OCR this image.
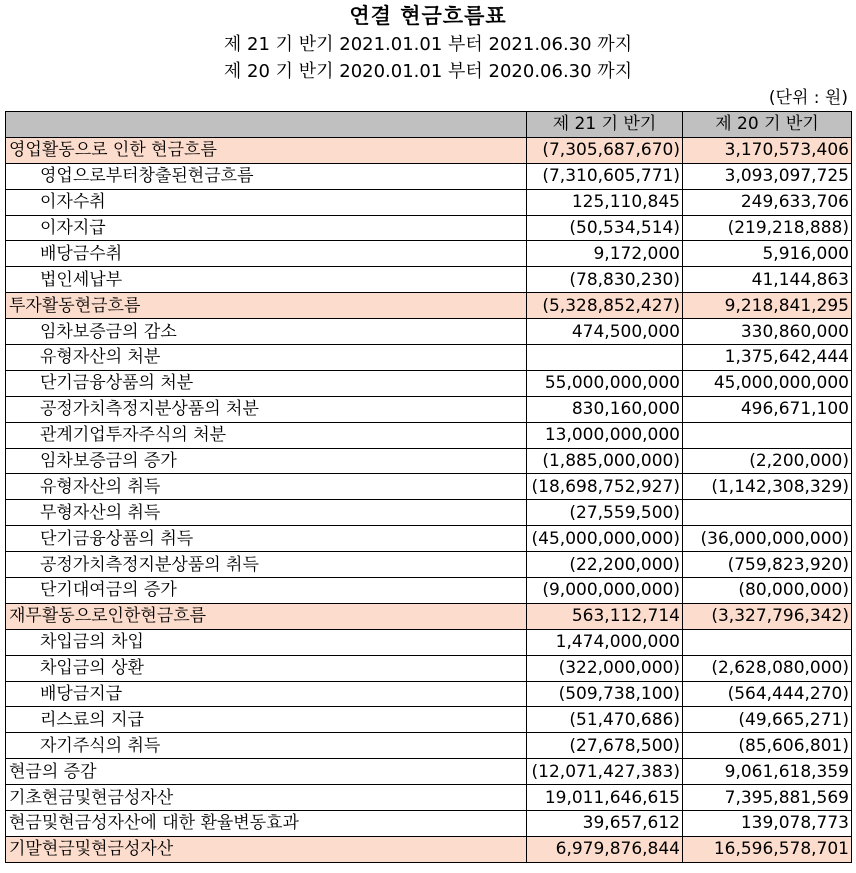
연결 현금흐름표
제 21 기 반기 2021.01.01 부터 2021.06.30 까지
제 20 기 반기 2020.01.01 부터 2020.06.30 까지
(단위 : 원)
	제 21 기 반기	제 20 기 반기
영업활동으로 인한 현금흐름	(7,305,687,670)	3,170,573,406
영업으로부터창출된현금흐름	(7,310,605,771)	3,093,097,725
이자수취	125,110,845	249,633,706
이자지급	(50,534,514)	(219,218,888)
배당금수취	9,172,000	5,916,000
법인세납부	(78,830,230)	41,144,863
투자활동현금흐름	(5,328,852,427)	9,218,841,295
임차보증금의 감소	474,500,000	330,860,000
유형자산의 처분		1,375,642,444
단기금융상품의 처분	55,000,000,000	45,000,000,000
공정가치측정지분상품의 처분	830,160,000	496,671,100
관계기업투자주식의 처분	13,000,000,000	
임차보증금의 증가	(1,885,000,000)	(2,200,000)
유형자산의 취득	(18,698,752,927)	(1,142,308,329)
무형자산의 취득	(27,559,500)	
단기금융상품의 취득	(45,000,000,000)	(36,000,000,000)
공정가치측정지분상품의 취득	(22,200,000)	(759,823,920)
단기대여금의 증가	(9,000,000,000)	(80,000,000)
재무활동으로인한현금흐름	563,112,714	(3,327,796,342)
차입금의 차입	1,474,000,000	
차입금의 상환	(322,000,000)	(2,628,080,000)
배당금지급	(509,738,100)	(564,444,270)
리스료의 지급	(51,470,686)	(49,665,271)
자기주식의 취득	(27,678,500)	(85,606,801)
현금의 증감	(12,071,427,383)	9,061,618,359
기초현금및현금성자산	19,011,646,615	7,395,881,569
현금및현금성자산에 대한 환율변동효과	39,657,612	139,078,773
기말현금및현금성자산	6,979,876,844	16,596,578,701
